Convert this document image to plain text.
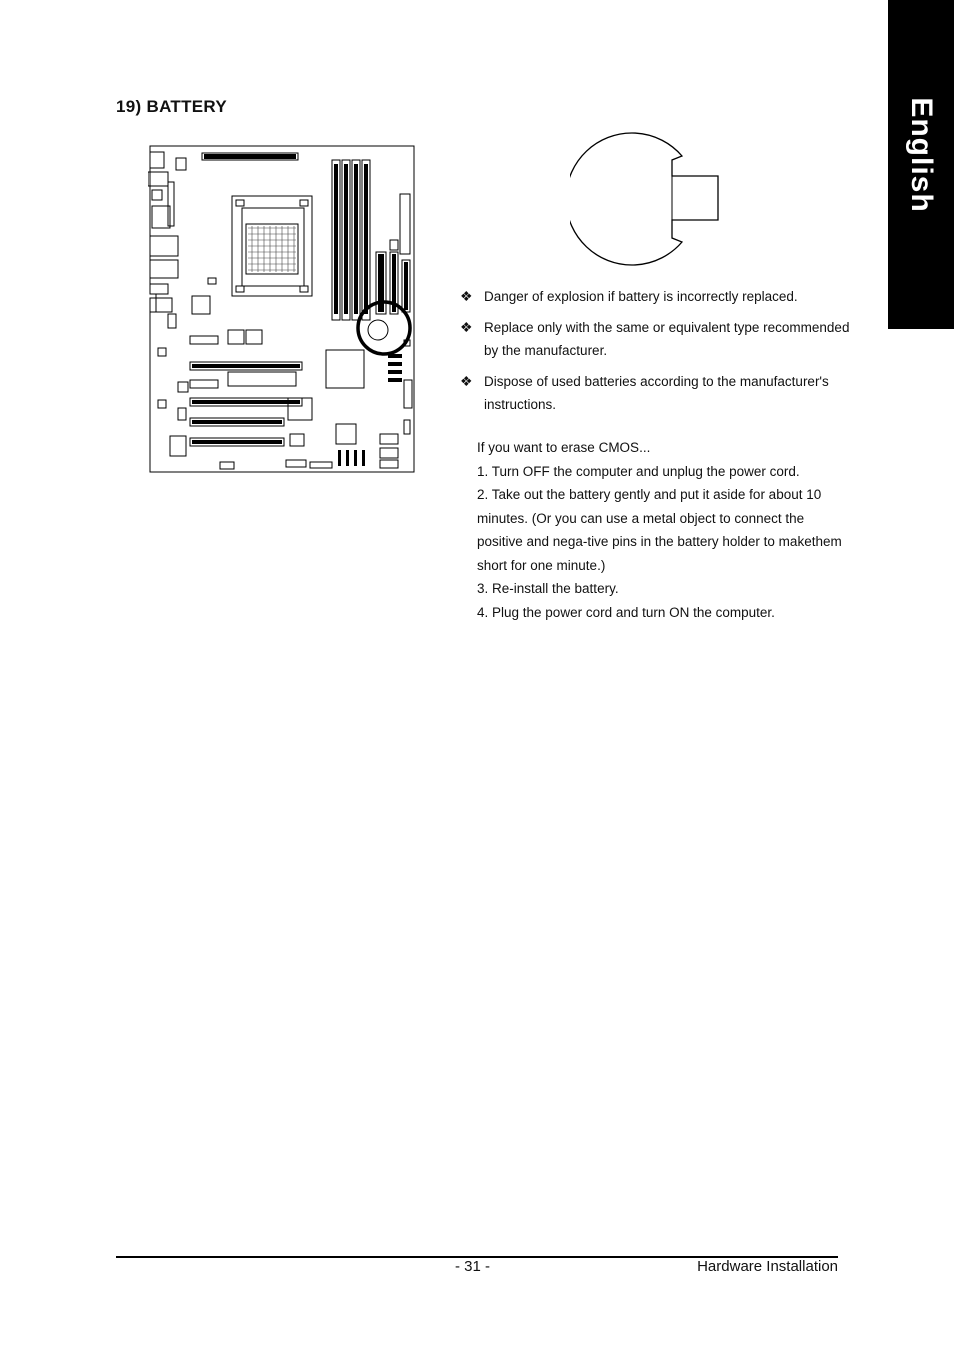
English
19) BATTERY
❖ Danger of explosion if battery is incorrectly replaced.
❖ Replace only with the same or equivalent type recommended by the manufacturer.
❖ Dispose of used batteries according to the manufacturer's instructions.

If you want to erase CMOS...

1. Turn OFF the computer and unplug the power cord.

2. Take out the battery gently and put it aside for about 10 minutes. (Or you can use a metal object to connect the positive and nega-tive pins in the battery holder to makethem short for one minute.)

3. Re-install the battery.

4. Plug the power cord and turn ON the computer.

- 31 -	Hardware Installation
